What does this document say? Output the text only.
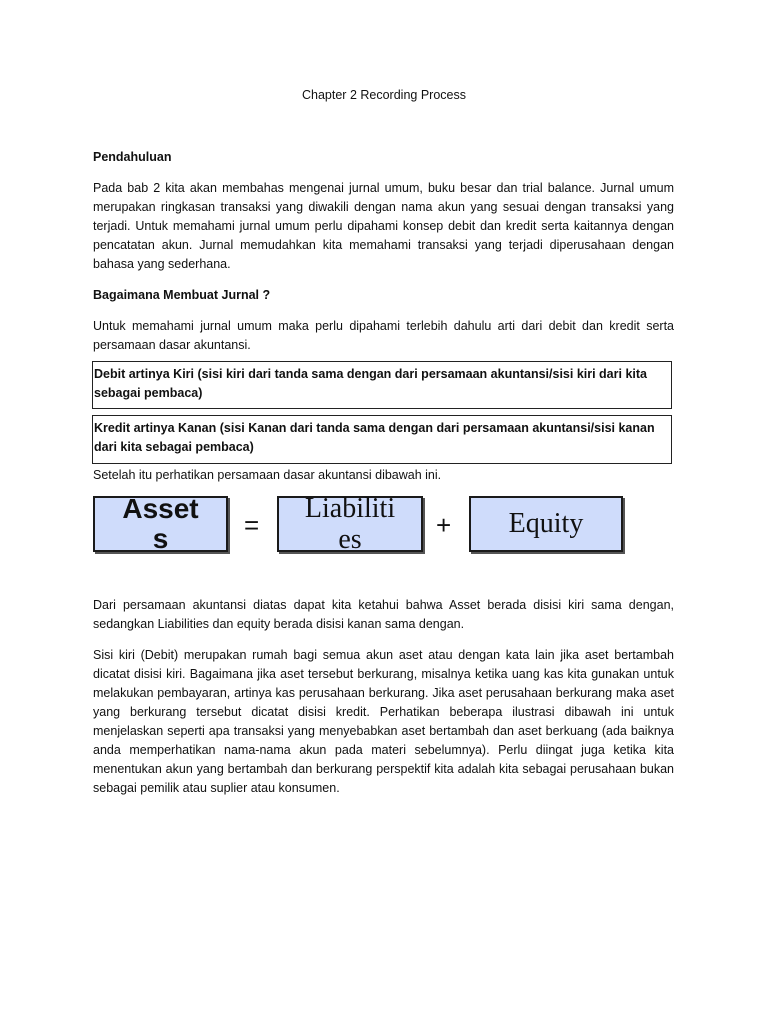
Chapter 2 Recording Process
Pendahuluan
Pada bab 2 kita akan membahas mengenai jurnal umum, buku besar dan trial balance. Jurnal umum merupakan ringkasan transaksi yang diwakili dengan nama akun yang sesuai dengan transaksi yang terjadi. Untuk memahami jurnal umum perlu dipahami konsep debit dan kredit serta kaitannya dengan pencatatan akun. Jurnal memudahkan kita memahami transaksi yang terjadi diperusahaan dengan bahasa yang sederhana.
Bagaimana Membuat Jurnal ?
Untuk memahami jurnal umum maka perlu dipahami terlebih dahulu arti dari debit dan kredit serta persamaan dasar akuntansi.
Debit artinya Kiri (sisi kiri dari tanda sama dengan dari persamaan akuntansi/sisi kiri dari kita sebagai pembaca)
Kredit artinya Kanan (sisi Kanan dari tanda sama dengan dari persamaan akuntansi/sisi kanan dari kita sebagai pembaca)
Setelah itu perhatikan persamaan dasar akuntansi dibawah ini.
Asset
s	=
Liabiliti
es	+ Equity
Dari persamaan akuntansi diatas dapat kita ketahui bahwa Asset berada disisi kiri sama dengan, sedangkan Liabilities dan equity berada disisi kanan sama dengan.
Sisi kiri (Debit) merupakan rumah bagi semua akun aset atau dengan kata lain jika aset bertambah dicatat disisi kiri. Bagaimana jika aset tersebut berkurang, misalnya ketika uang kas kita gunakan untuk melakukan pembayaran, artinya kas perusahaan berkurang. Jika aset perusahaan berkurang maka aset yang berkurang tersebut dicatat disisi kredit. Perhatikan beberapa ilustrasi dibawah ini untuk menjelaskan seperti apa transaksi yang menyebabkan aset bertambah dan aset berkuang (ada baiknya anda memperhatikan nama-nama akun pada materi sebelumnya). Perlu diingat juga ketika kita menentukan akun yang bertambah dan berkurang perspektif kita adalah kita sebagai perusahaan bukan sebagai pemilik atau suplier atau konsumen.
